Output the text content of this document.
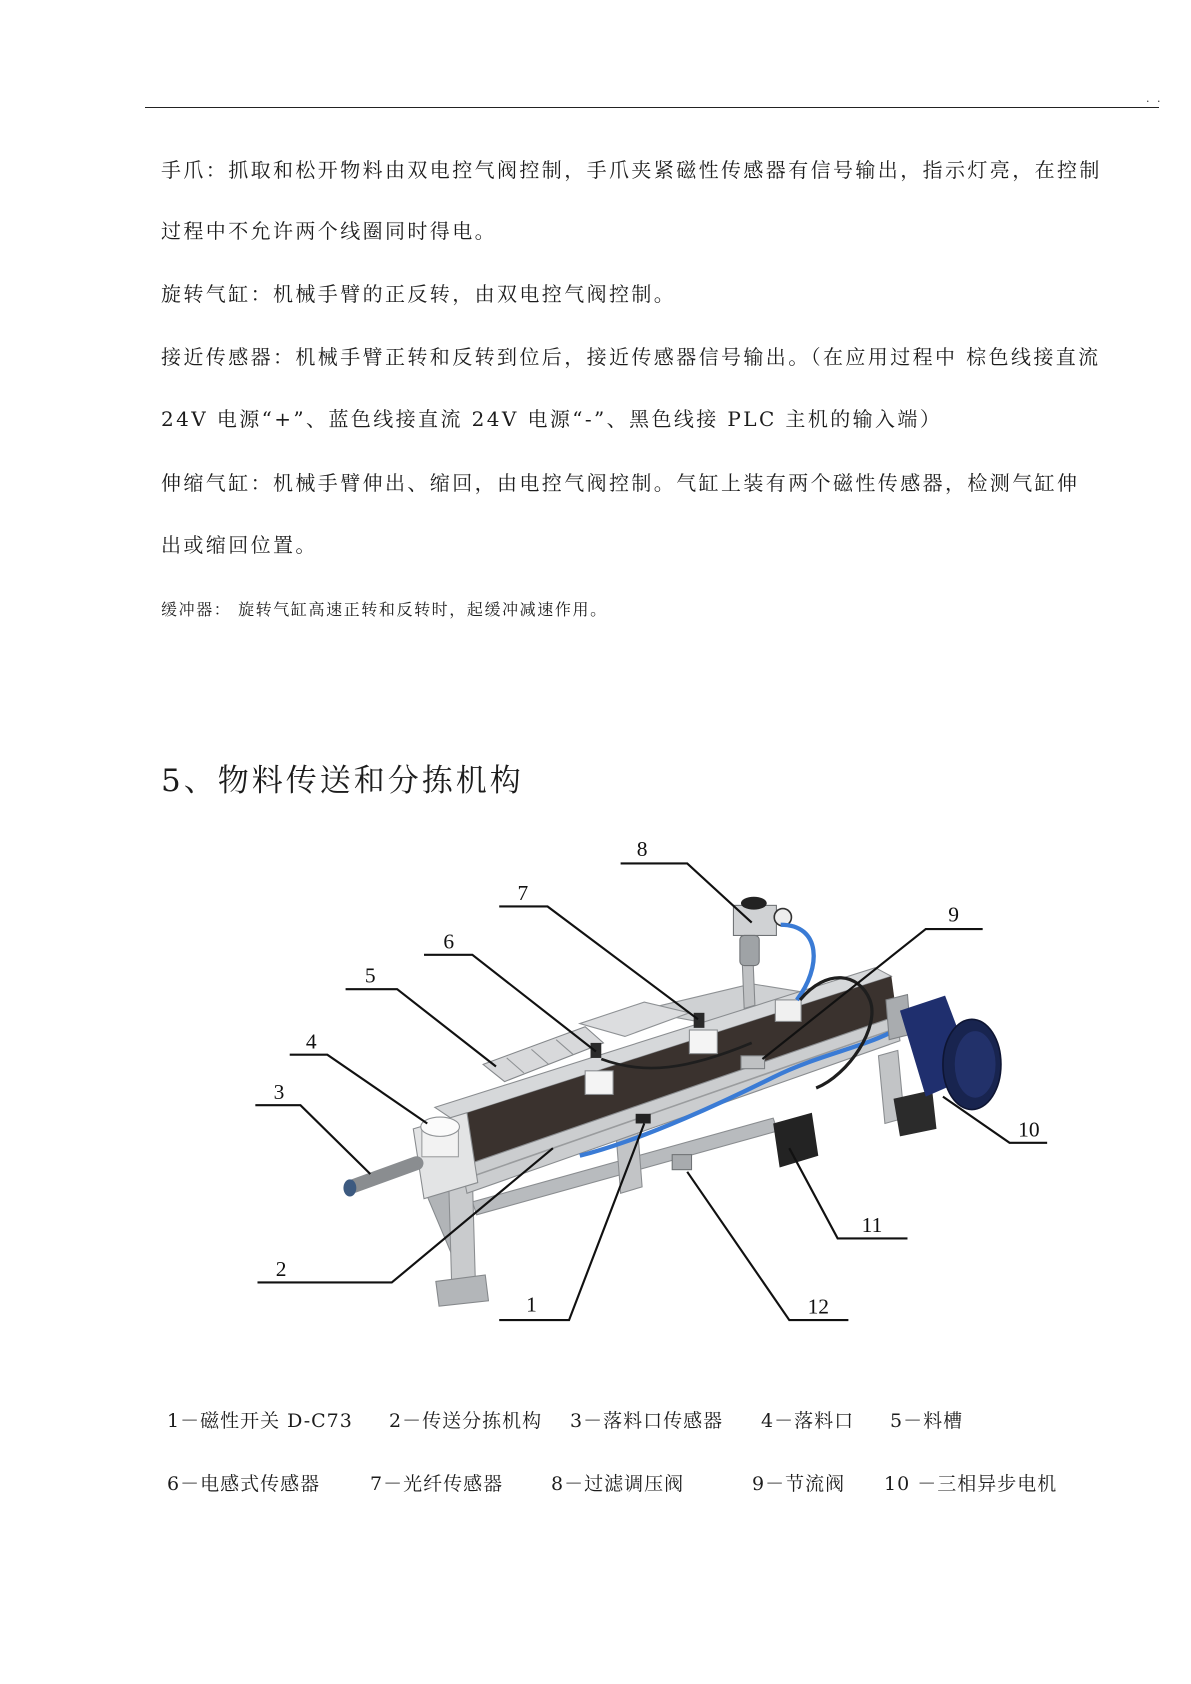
. .
手爪：抓取和松开物料由双电控气阀控制，手爪夹紧磁性传感器有信号输出，指示灯亮，在控制
过程中不允许两个线圈同时得电。
旋转气缸：机械手臂的正反转，由双电控气阀控制。
接近传感器：机械手臂正转和反转到位后，接近传感器信号输出。（在应用过程中 棕色线接直流
24V 电源“+”、蓝色线接直流 24V 电源“-”、黑色线接 PLC 主机的输入端）
伸缩气缸：机械手臂伸出、缩回，由电控气阀控制。气缸上装有两个磁性传感器，检测气缸伸
出或缩回位置。
缓冲器： 旋转气缸高速正转和反转时，起缓冲减速作用。
5、物料传送和分拣机构
1
2
3
4
5
6
7
8
9
10
11
12
1－磁性开关 D-C73 2－传送分拣机构 3－落料口传感器 4－落料口 5－料槽
6－电感式传感器	7－光纤传感器	8－过滤调压阀	9－节流阀 10 －三相异步电机
